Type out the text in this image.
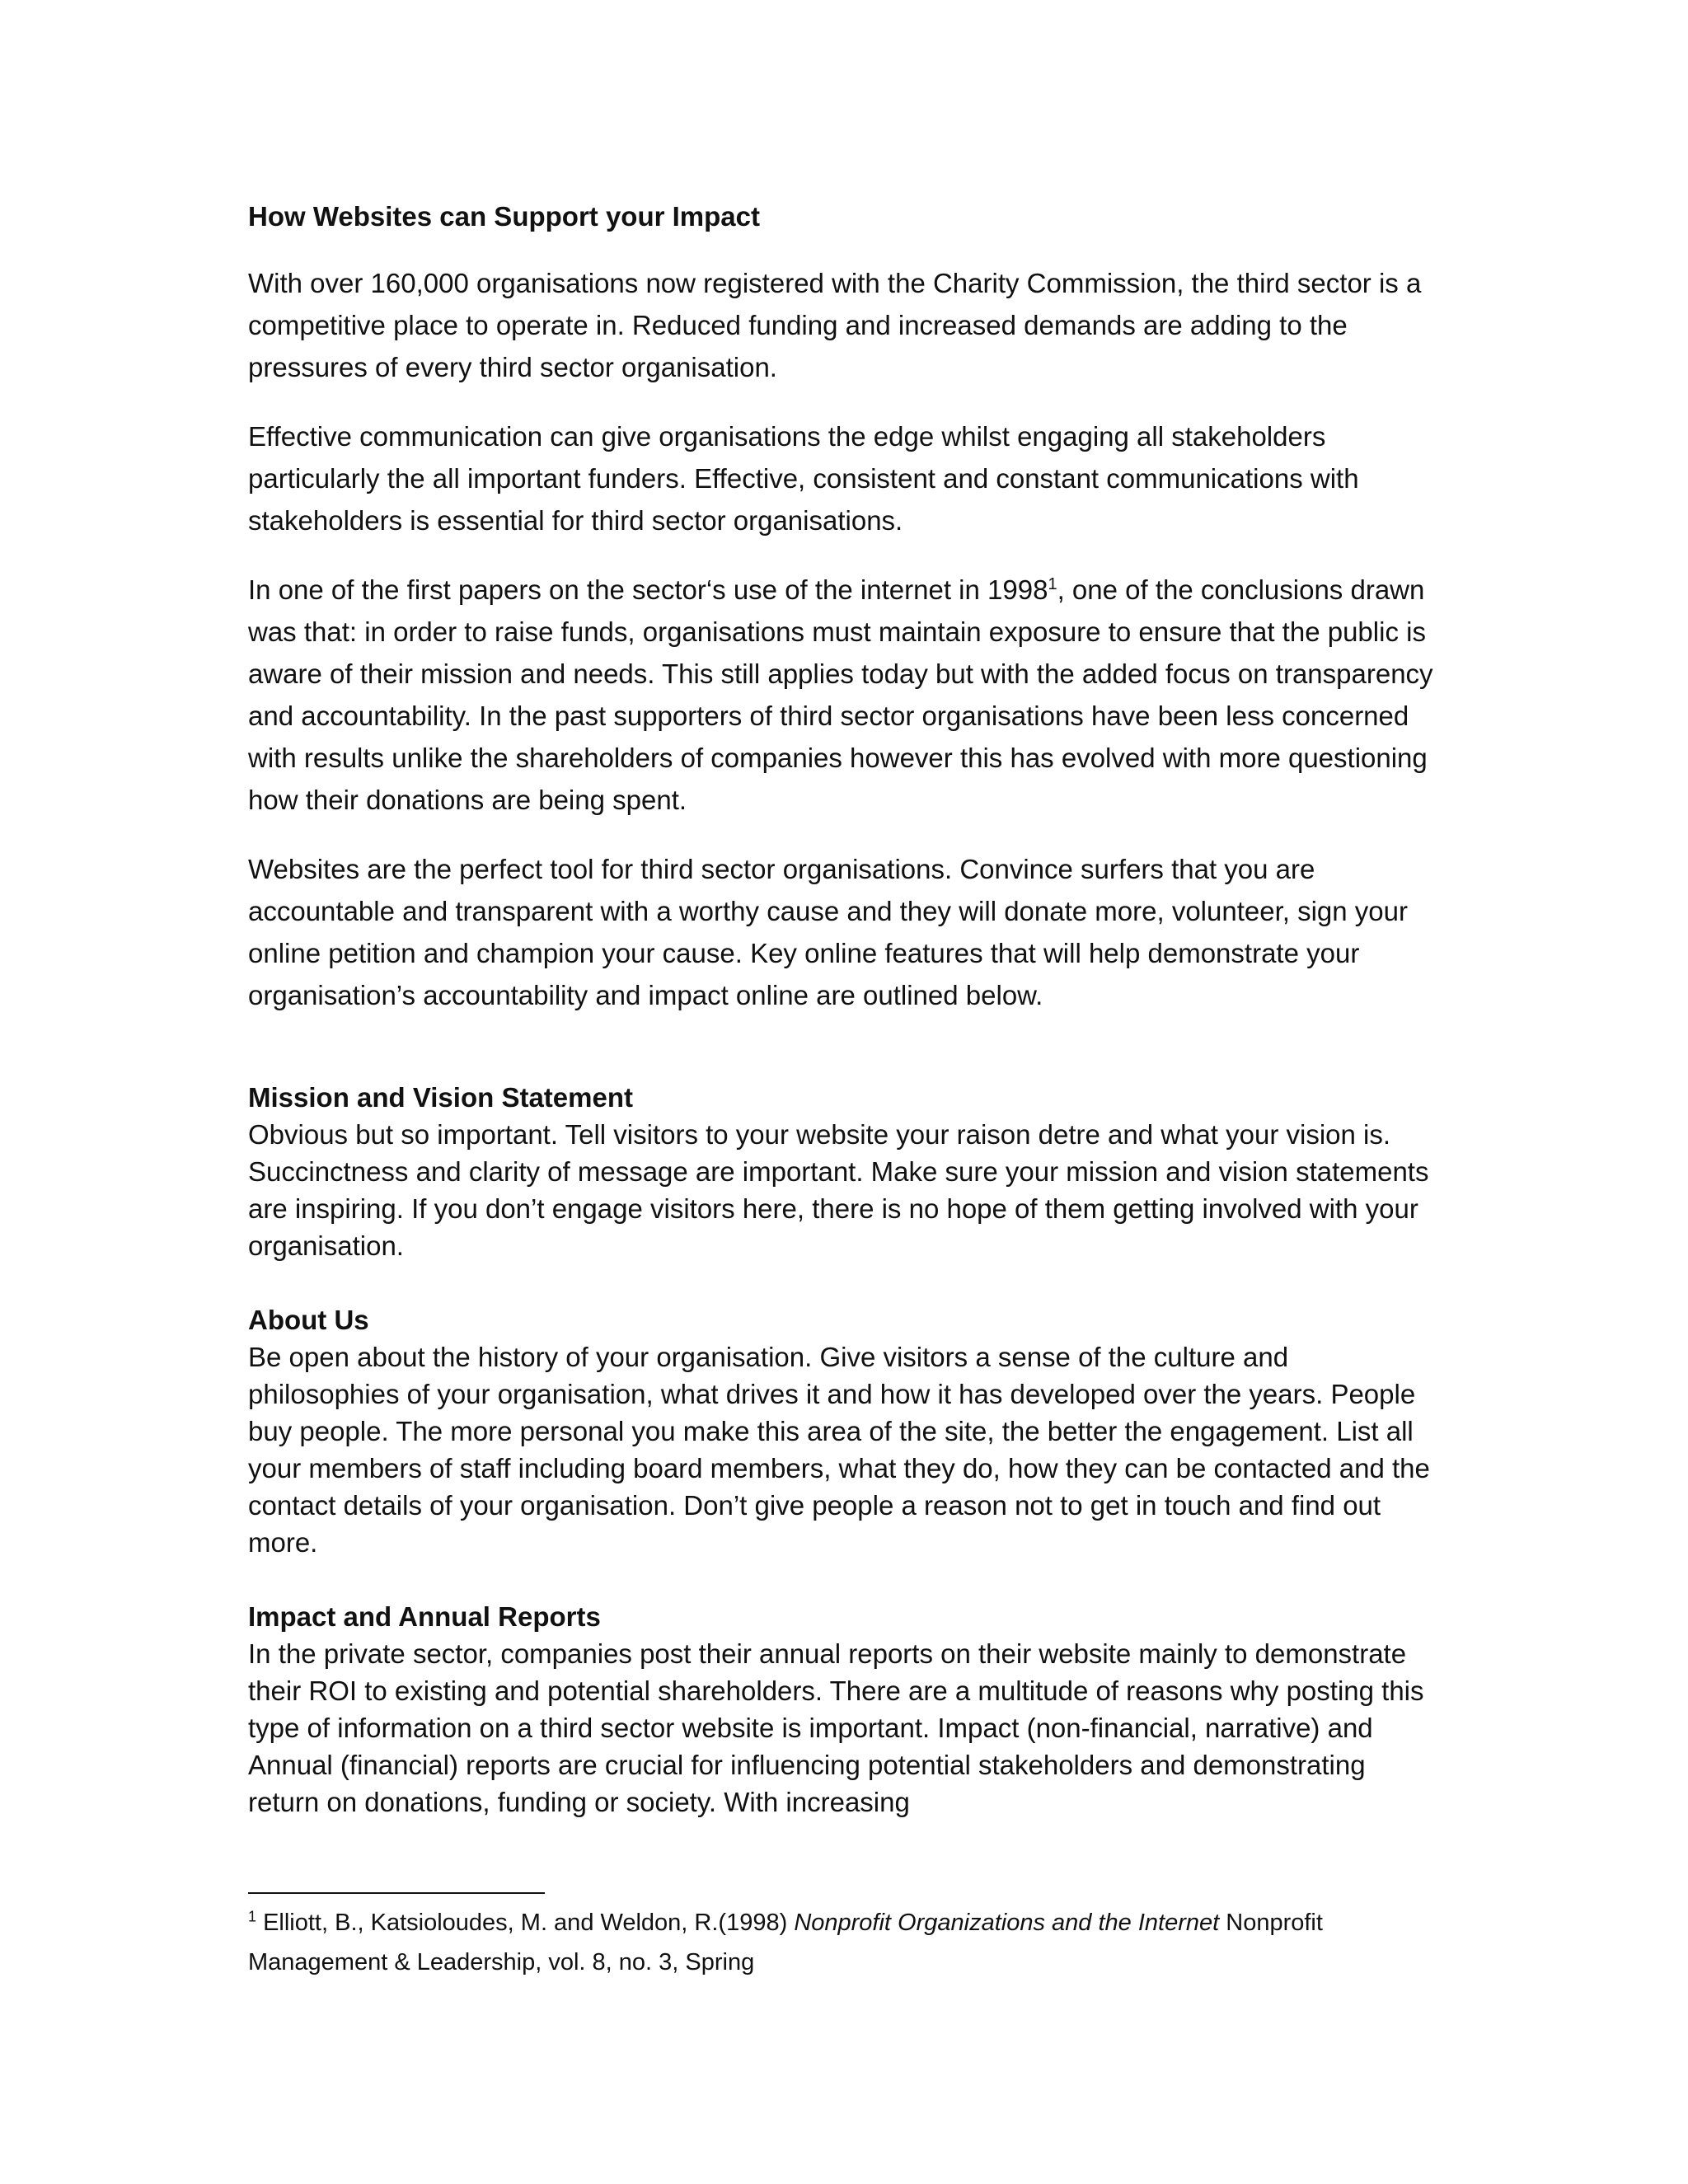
How Websites can Support your Impact

With over 160,000 organisations now registered with the Charity Commission, the third sector is a competitive place to operate in. Reduced funding and increased demands are adding to the pressures of every third sector organisation.

Effective communication can give organisations the edge whilst engaging all stakeholders particularly the all important funders. Effective, consistent and constant communications with stakeholders is essential for third sector organisations.

In one of the first papers on the sector‘s use of the internet in 1998$^1$, one of the conclusions drawn was that: in order to raise funds, organisations must maintain exposure to ensure that the public is aware of their mission and needs. This still applies today but with the added focus on transparency and accountability. In the past supporters of third sector organisations have been less concerned with results unlike the shareholders of companies however this has evolved with more questioning how their donations are being spent.

Websites are the perfect tool for third sector organisations. Convince surfers that you are accountable and transparent with a worthy cause and they will donate more, volunteer, sign your online petition and champion your cause. Key online features that will help demonstrate your organisation’s accountability and impact online are outlined below.

Mission and Vision Statement
Obvious but so important. Tell visitors to your website your raison detre and what your vision is. Succinctness and clarity of message are important. Make sure your mission and vision statements are inspiring. If you don’t engage visitors here, there is no hope of them getting involved with your organisation.
About Us
Be open about the history of your organisation. Give visitors a sense of the culture and philosophies of your organisation, what drives it and how it has developed over the years. People buy people. The more personal you make this area of the site, the better the engagement. List all your members of staff including board members, what they do, how they can be contacted and the contact details of your organisation. Don’t give people a reason not to get in touch and find out more.
Impact and Annual Reports
In the private sector, companies post their annual reports on their website mainly to demonstrate their ROI to existing and potential shareholders. There are a multitude of reasons why posting this type of information on a third sector website is important. Impact (non-financial, narrative) and Annual (financial) reports are crucial for influencing potential stakeholders and demonstrating return on donations, funding or society. With increasing
$^1$ Elliott, B., Katsioloudes, M. and Weldon, R.(1998) Nonprofit Organizations and the Internet Nonprofit Management & Leadership, vol. 8, no. 3, Spring
